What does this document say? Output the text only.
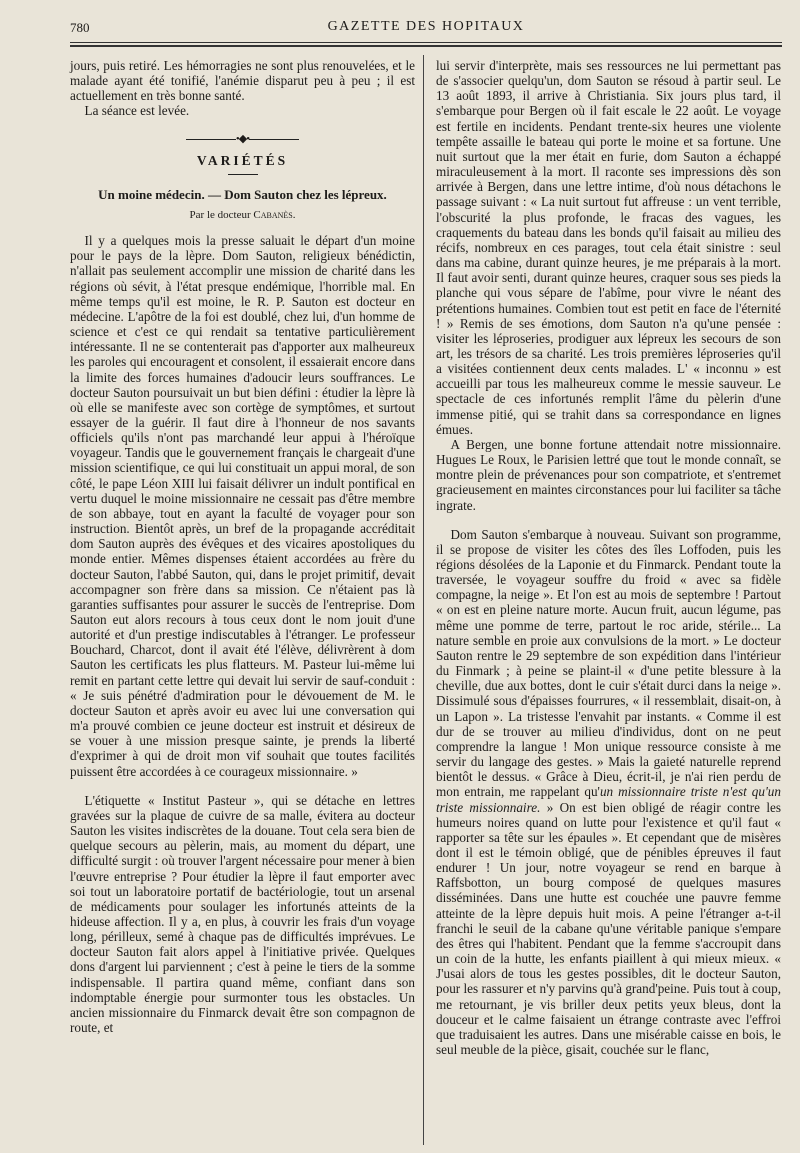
780	GAZETTE DES HOPITAUX

jours, puis retiré. Les hémorragies ne sont plus renouvelées, et le malade ayant été tonifié, l'anémie disparut peu à peu ; il est actuellement en très bonne santé.

La séance est levée.

•◆•
VARIÉTÉS
Un moine médecin. — Dom Sauton chez les lépreux.
Par le docteur Cabanès.

Il y a quelques mois la presse saluait le départ d'un moine pour le pays de la lèpre. Dom Sauton, religieux bénédictin, n'allait pas seulement accomplir une mission de charité dans les régions où sévit, à l'état presque endémique, l'horrible mal. En même temps qu'il est moine, le R. P. Sauton est docteur en médecine. L'apôtre de la foi est doublé, chez lui, d'un homme de science et c'est ce qui rendait sa tentative particulièrement intéressante. Il ne se contenterait pas d'apporter aux malheureux les paroles qui encouragent et consolent, il essaierait encore dans la limite des forces humaines d'adoucir leurs souffrances. Le docteur Sauton poursuivait un but bien défini : étudier la lèpre là où elle se manifeste avec son cortège de symptômes, et surtout essayer de la guérir. Il faut dire à l'honneur de nos savants officiels qu'ils n'ont pas marchandé leur appui à l'héroïque voyageur. Tandis que le gouvernement français le chargeait d'une mission scientifique, ce qui lui constituait un appui moral, de son côté, le pape Léon XIII lui faisait délivrer un indult pontifical en vertu duquel le moine missionnaire ne cessait pas d'être membre de son abbaye, tout en ayant la faculté de voyager pour son instruction. Bientôt après, un bref de la propagande accréditait dom Sauton auprès des évêques et des vicaires apostoliques du monde entier. Mêmes dispenses étaient accordées au frère du docteur Sauton, l'abbé Sauton, qui, dans le projet primitif, devait accompagner son frère dans sa mission. Ce n'étaient pas là garanties suffisantes pour assurer le succès de l'entreprise. Dom Sauton eut alors recours à tous ceux dont le nom jouit d'une autorité et d'un prestige indiscutables à l'étranger. Le professeur Bouchard, Charcot, dont il avait été l'élève, délivrèrent à dom Sauton les certificats les plus flatteurs. M. Pasteur lui-même lui remit en partant cette lettre qui devait lui servir de sauf-conduit : « Je suis pénétré d'admiration pour le dévouement de M. le docteur Sauton et après avoir eu avec lui une conversation qui m'a prouvé combien ce jeune docteur est instruit et désireux de se vouer à une mission presque sainte, je prends la liberté d'exprimer à qui de droit mon vif souhait que toutes facilités puissent être accordées à ce courageux missionnaire. »

L'étiquette « Institut Pasteur », qui se détache en lettres gravées sur la plaque de cuivre de sa malle, évitera au docteur Sauton les visites indiscrètes de la douane. Tout cela sera bien de quelque secours au pèlerin, mais, au moment du départ, une difficulté surgit : où trouver l'argent nécessaire pour mener à bien l'œuvre entreprise ? Pour étudier la lèpre il faut emporter avec soi tout un laboratoire portatif de bactériologie, tout un arsenal de médicaments pour soulager les infortunés atteints de la hideuse affection. Il y a, en plus, à couvrir les frais d'un voyage long, périlleux, semé à chaque pas de difficultés imprévues. Le docteur Sauton fait alors appel à l'initiative privée. Quelques dons d'argent lui parviennent ; c'est à peine le tiers de la somme indispensable. Il partira quand même, confiant dans son indomptable énergie pour surmonter tous les obstacles. Un ancien missionnaire du Finmarck devait être son compagnon de route, et

lui servir d'interprète, mais ses ressources ne lui permettant pas de s'associer quelqu'un, dom Sauton se résoud à partir seul. Le 13 août 1893, il arrive à Christiania. Six jours plus tard, il s'embarque pour Bergen où il fait escale le 22 août. Le voyage est fertile en incidents. Pendant trente-six heures une violente tempête assaille le bateau qui porte le moine et sa fortune. Une nuit surtout que la mer était en furie, dom Sauton a échappé miraculeusement à la mort. Il raconte ses impressions dès son arrivée à Bergen, dans une lettre intime, d'où nous détachons le passage suivant : « La nuit surtout fut affreuse : un vent terrible, l'obscurité la plus profonde, le fracas des vagues, les craquements du bateau dans les bonds qu'il faisait au milieu des récifs, nombreux en ces parages, tout cela était sinistre : seul dans ma cabine, durant quinze heures, je me préparais à la mort. Il faut avoir senti, durant quinze heures, craquer sous ses pieds la planche qui vous sépare de l'abîme, pour vivre le néant des prétentions humaines. Combien tout est petit en face de l'éternité ! » Remis de ses émotions, dom Sauton n'a qu'une pensée : visiter les léproseries, prodiguer aux lépreux les secours de son art, les trésors de sa charité. Les trois premières léproseries qu'il a visitées contiennent deux cents malades. L' « inconnu » est accueilli par tous les malheureux comme le messie sauveur. Le spectacle de ces infortunés remplit l'âme du pèlerin d'une immense pitié, qui se trahit dans sa correspondance en lignes émues.

A Bergen, une bonne fortune attendait notre missionnaire. Hugues Le Roux, le Parisien lettré que tout le monde connaît, se montre plein de prévenances pour son compatriote, et s'entremet gracieusement en maintes circonstances pour lui faciliter sa tâche ingrate.

Dom Sauton s'embarque à nouveau. Suivant son programme, il se propose de visiter les côtes des îles Loffoden, puis les régions désolées de la Laponie et du Finmarck. Pendant toute la traversée, le voyageur souffre du froid « avec sa fidèle compagne, la neige ». Et l'on est au mois de septembre ! Partout « on est en pleine nature morte. Aucun fruit, aucun légume, pas même une pomme de terre, partout le roc aride, stérile... La nature semble en proie aux convulsions de la mort. » Le docteur Sauton rentre le 29 septembre de son expédition dans l'intérieur du Finmark ; à peine se plaint-il « d'une petite blessure à la cheville, due aux bottes, dont le cuir s'était durci dans la neige ». Dissimulé sous d'épaisses fourrures, « il ressemblait, disait-on, à un Lapon ». La tristesse l'envahit par instants. « Comme il est dur de se trouver au milieu d'individus, dont on ne peut comprendre la langue ! Mon unique ressource consiste à me servir du langage des gestes. » Mais la gaieté naturelle reprend bientôt le dessus. « Grâce à Dieu, écrit-il, je n'ai rien perdu de mon entrain, me rappelant qu'un missionnaire triste n'est qu'un triste missionnaire. » On est bien obligé de réagir contre les humeurs noires quand on lutte pour l'existence et qu'il faut « rapporter sa tête sur les épaules ». Et cependant que de misères dont il est le témoin obligé, que de pénibles épreuves il faut endurer ! Un jour, notre voyageur se rend en barque à Raffsbotton, un bourg composé de quelques masures disséminées. Dans une hutte est couchée une pauvre femme atteinte de la lèpre depuis huit mois. A peine l'étranger a-t-il franchi le seuil de la cabane qu'une véritable panique s'empare des êtres qui l'habitent. Pendant que la femme s'accroupit dans un coin de la hutte, les enfants piaillent à qui mieux mieux. « J'usai alors de tous les gestes possibles, dit le docteur Sauton, pour les rassurer et n'y parvins qu'à grand'peine. Puis tout à coup, me retournant, je vis briller deux petits yeux bleus, dont la douceur et le calme faisaient un étrange contraste avec l'effroi que traduisaient les autres. Dans une misérable caisse en bois, le seul meuble de la pièce, gisait, couchée sur le flanc,
